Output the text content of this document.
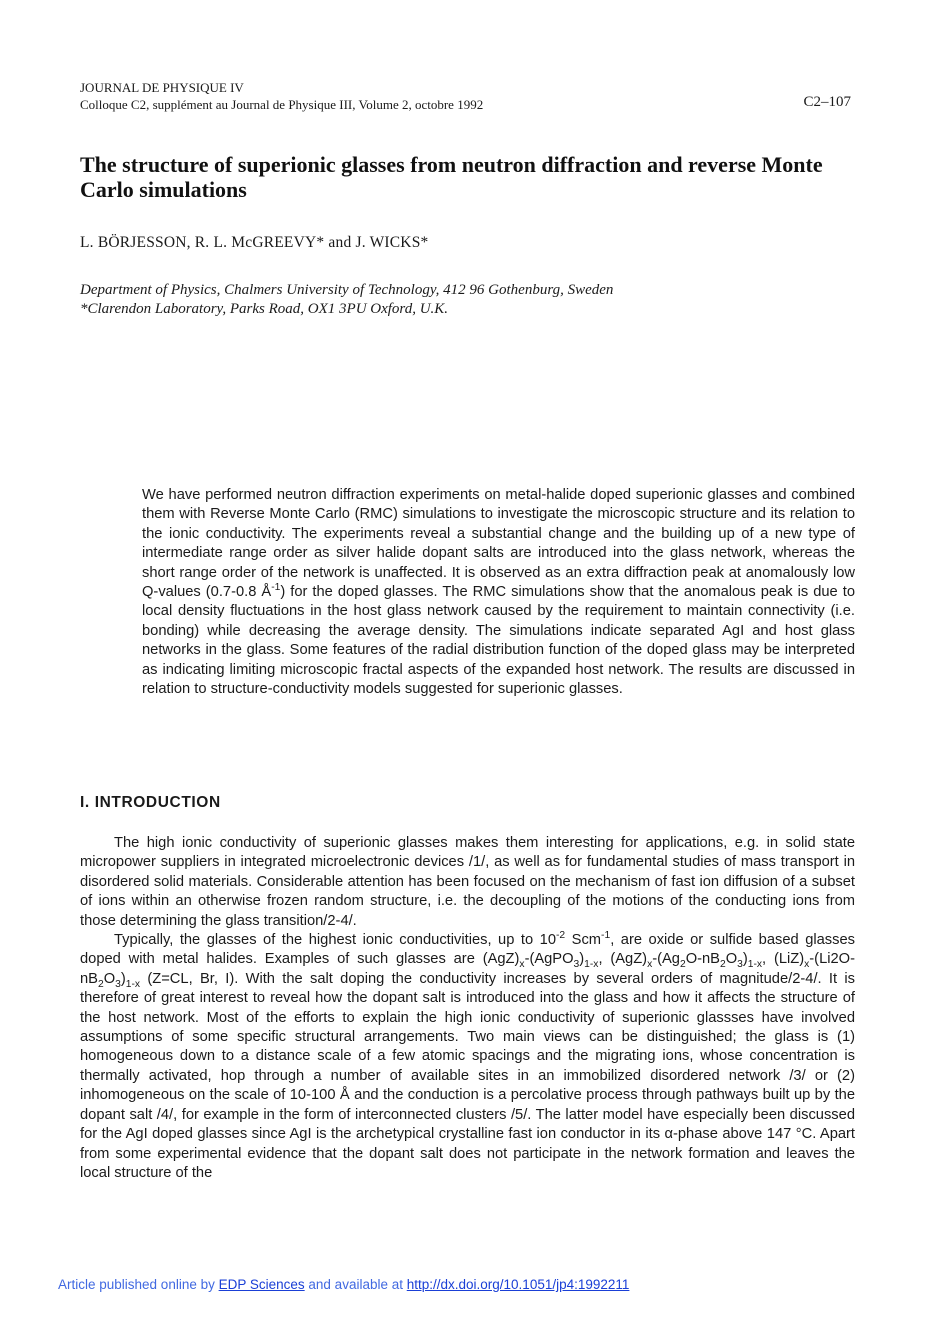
JOURNAL DE PHYSIQUE IV
Colloque C2, supplément au Journal de Physique III, Volume 2, octobre 1992	C2–107
The structure of superionic glasses from neutron diffraction and reverse Monte Carlo simulations
L. BÖRJESSON, R. L. McGREEVY* and J. WICKS*
Department of Physics, Chalmers University of Technology, 412 96 Gothenburg, Sweden
*Clarendon Laboratory, Parks Road, OX1 3PU Oxford, U.K.

We have performed neutron diffraction experiments on metal-halide doped superionic glasses and combined them with Reverse Monte Carlo (RMC) simulations to investigate the microscopic structure and its relation to the ionic conductivity. The experiments reveal a substantial change and the building up of a new type of intermediate range order as silver halide dopant salts are introduced into the glass network, whereas the short range order of the network is unaffected. It is observed as an extra diffraction peak at anomalously low Q-values (0.7-0.8 $Å^{-1}$) for the doped glasses. The RMC simulations show that the anomalous peak is due to local density fluctuations in the host glass network caused by the requirement to maintain connectivity (i.e. bonding) while decreasing the average density. The simulations indicate separated AgI and host glass networks in the glass. Some features of the radial distribution function of the doped glass may be interpreted as indicating limiting microscopic fractal aspects of the expanded host network. The results are discussed in relation to structure-conductivity models suggested for superionic glasses.

I. INTRODUCTION

The high ionic conductivity of superionic glasses makes them interesting for applications, e.g. in solid state micropower suppliers in integrated microelectronic devices /1/, as well as for fundamental studies of mass transport in disordered solid materials. Considerable attention has been focused on the mechanism of fast ion diffusion of a subset of ions within an otherwise frozen random structure, i.e. the decoupling of the motions of the conducting ions from those determining the glass transition/2-4/.

Typically, the glasses of the highest ionic conductivities, up to $10^{-2}$ Scm$^{-1}$, are oxide or sulfide based glasses doped with metal halides. Examples of such glasses are $(AgZ)_x-(AgPO_3)_{1-x}$, $(AgZ)_x-(Ag_2O-nB_2O_3)_{1-x}$, $(LiZ)_x-(Li2O-nB_2O_3)_{1-x}$ (Z=CL, Br, I). With the salt doping the conductivity increases by several orders of magnitude/2-4/. It is therefore of great interest to reveal how the dopant salt is introduced into the glass and how it affects the structure of the host network. Most of the efforts to explain the high ionic conductivity of superionic glassses have involved assumptions of some specific structural arrangements. Two main views can be distinguished; the glass is (1) homogeneous down to a distance scale of a few atomic spacings and the migrating ions, whose concentration is thermally activated, hop through a number of available sites in an immobilized disordered network /3/ or (2) inhomogeneous on the scale of 10-100 Å and the conduction is a percolative process through pathways built up by the dopant salt /4/, for example in the form of interconnected clusters /5/. The latter model have especially been discussed for the AgI doped glasses since AgI is the archetypical crystalline fast ion conductor in its α-phase above 147 °C. Apart from some experimental evidence that the dopant salt does not participate in the network formation and leaves the local structure of the

Article published online by EDP Sciences and available at http://dx.doi.org/10.1051/jp4:1992211
